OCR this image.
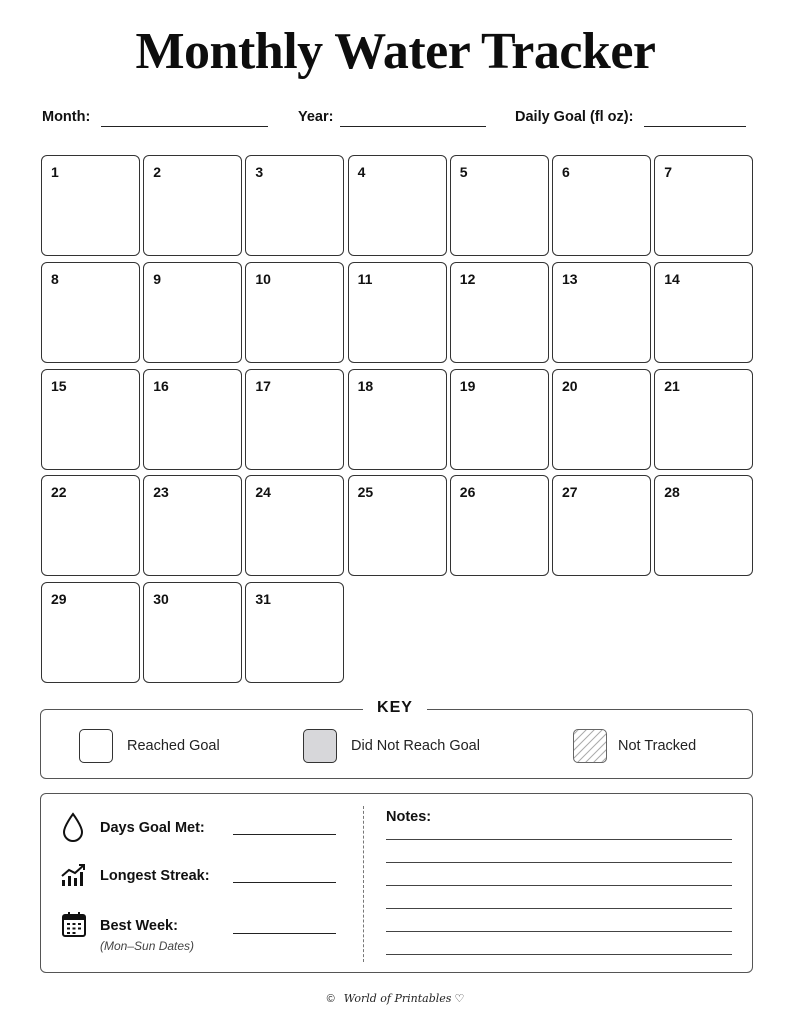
Monthly Water Tracker
Month:	Year:	Daily Goal (fl oz):
1	2	3	4	5	6	7
8	9	10	11	12	13	14
15	16	17	18	19	20	21
22	23	24	25	26	27	28
29	30	31
KEY
Reached Goal	Did Not Reach Goal	Not Tracked
Days Goal Met:
Longest Streak:
Best Week:
(Mon–Sun Dates)
Notes:
© World of Printables ♡
